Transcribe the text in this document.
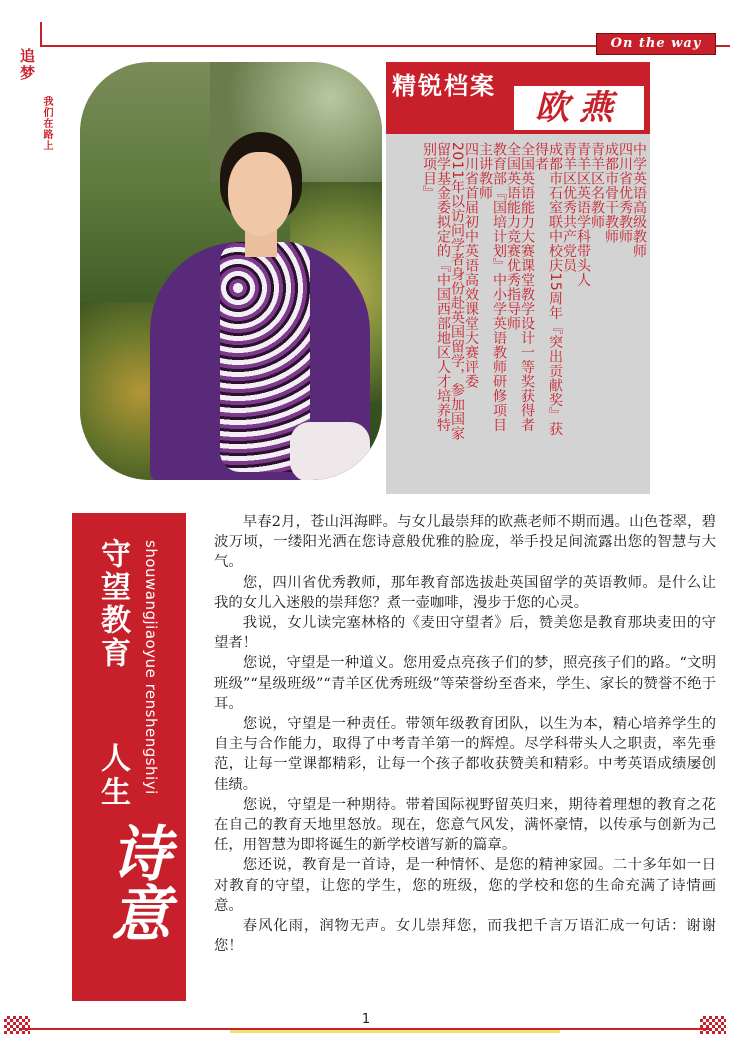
On the way
追梦
我们在路上
精锐档案
欧燕
中学英语高级教师
四川省优秀教师
成都市骨干教师
青羊区名教师
青羊区英语学科带头人
青羊区优秀共产党员
成都市石室联中校庆15周年『突出贡献奖』获
得者
全国英语能力大赛课堂教学设计一等奖获得者
全国英语能力竞赛优秀指导师
教育部『国培计划』中小学英语教师研修项目
主讲教师
四川省首届初中英语高效课堂大赛评委
2011年以访问学者身份赴英国留学，参加国家
留学基金委拟定的『中国西部地区人才培养特
别项目』
守望教育
人生 shouwangjiaoyue renshengshiyi
诗意

早春2月，苍山洱海畔。与女儿最崇拜的欧燕老师不期而遇。山色苍翠，碧波万顷，一缕阳光洒在您诗意般优雅的脸庞，举手投足间流露出您的智慧与大气。

您，四川省优秀教师，那年教育部选拔赴英国留学的英语教师。是什么让我的女儿入迷般的崇拜您？煮一壶咖啡，漫步于您的心灵。

我说，女儿读完塞林格的《麦田守望者》后，赞美您是教育那块麦田的守望者！

您说，守望是一种道义。您用爱点亮孩子们的梦，照亮孩子们的路。“文明班级”“星级班级”“青羊区优秀班级”等荣誉纷至沓来，学生、家长的赞誉不绝于耳。

您说，守望是一种责任。带领年级教育团队，以生为本，精心培养学生的自主与合作能力，取得了中考青羊第一的辉煌。尽学科带头人之职责，率先垂范，让每一堂课都精彩，让每一个孩子都收获赞美和精彩。中考英语成绩屡创佳绩。

您说，守望是一种期待。带着国际视野留英归来，期待着理想的教育之花在自己的教育天地里怒放。现在，您意气风发，满怀豪情，以传承与创新为己任，用智慧为即将诞生的新学校谱写新的篇章。

您还说，教育是一首诗，是一种情怀、是您的精神家园。二十多年如一日对教育的守望，让您的学生，您的班级，您的学校和您的生命充满了诗情画意。

春风化雨，润物无声。女儿崇拜您，而我把千言万语汇成一句话：谢谢您！

1
